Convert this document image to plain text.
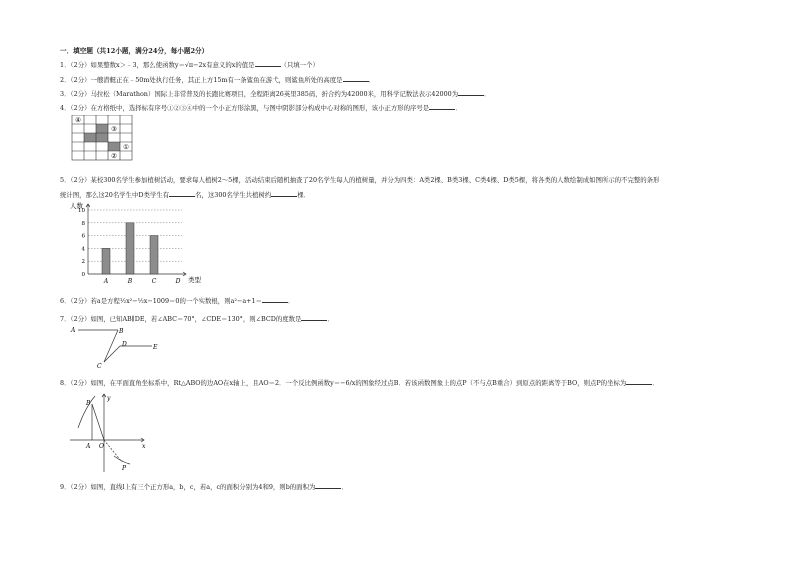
一．填空题（共12小题，满分24分，每小题2分）
1．（2分）如果整数x＞﹣3，那么使函数y＝√π−2x有意义的x的值是	（只填一个）
2．（2分）一艘潜艇正在﹣50m处执行任务，其正上方15m有一条鲨鱼在游弋，则鲨鱼所处的高度是	．
3．（2分）马拉松（Marathon）国际上非常普及的长跑比赛项目，全程距离26英里385码，折合约为42000米，用科学记数法表示42000为	．
4．（2分）在方格纸中，选择标有序号①②③④中的一个小正方形涂黑，与图中阴影部分构成中心对称的图形，该小正方形的序号是	．
④
③
①
②
5．（2分）某校300名学生参加植树活动，要求每人植树2～5棵，活动结束后随机抽查了20名学生每人的植树量，并分为四类：A类2棵、B类3棵、C类4棵、D类5棵，将各类的人数绘制成如图所示的不完整的条形
统计图，那么这20名学生中D类学生有	名，这300名学生共植树约	棵．
人数
类型
0
2
4
6
8
10
A	B	C	D
6．（2分）若a是方程½x²−½x−1009＝0的一个实数根，则a²−a+1＝	．
7．（2分）如图，已知AB∥DE，若∠ABC＝70°，∠CDE＝130°，则∠BCD的度数是	．
A	B
C
D	E
8．（2分）如图，在平面直角坐标系中，Rt△ABO的边AO在x轴上，且AO＝2．一个反比例函数y＝−6/x的图象经过点B．若该函数图象上的点P（不与点B重合）到原点的距离等于BO，则点P的坐标为	．
y
x
B
A O
P
9．（2分）如图，直线l上有三个正方形a，b，c，若a，c的面积分别为4和9，则b的面积为	．
